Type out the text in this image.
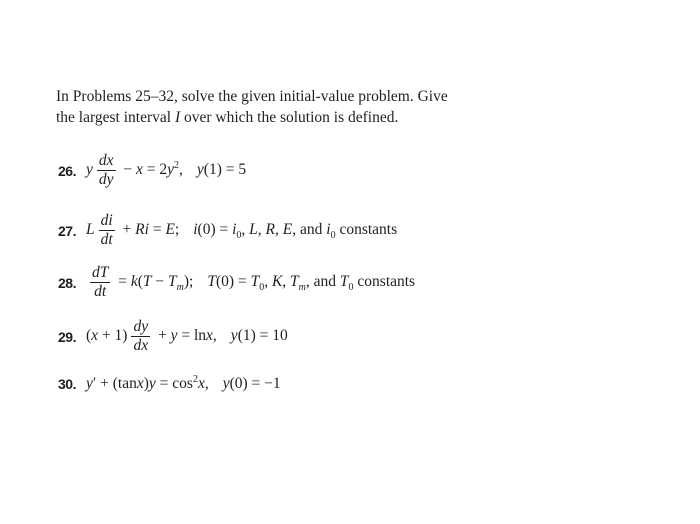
In Problems 25–32, solve the given initial-value problem. Give
the largest interval I over which the solution is defined.
26. y $\frac{dx}{dy} - x = 2y^2$, y(1) = 5
27. L $\frac{di}{dt} + Ri = E$; $i(0) = i_0$, L, R, E, and $i_0$ constants
28. $\frac{dT}{dt} = k(T - T_m)$; $T(0) = T_0$, K, $T_m$, and $T_0$ constants
29. $(x + 1) \frac{dy}{dx} + y = \ln x$, y(1) = 10
30. $y' + (\tan x)y = \cos^2x$, y(0) = −1
